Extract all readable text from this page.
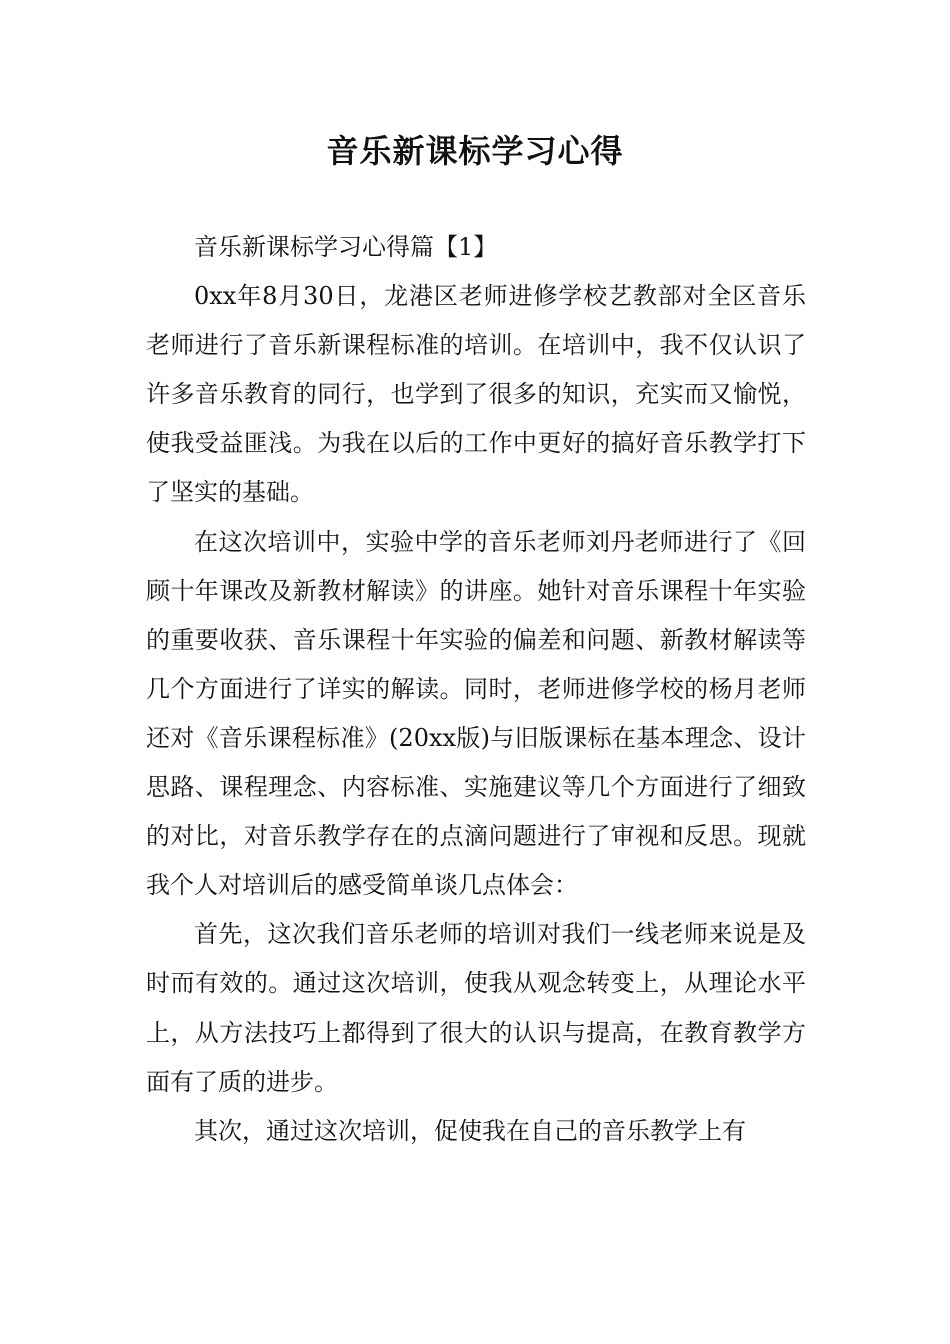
音乐新课标学习心得

音乐新课标学习心得篇【1】

0xx年8月30日，龙港区老师进修学校艺教部对全区音乐老师进行了音乐新课程标准的培训。在培训中，我不仅认识了许多音乐教育的同行，也学到了很多的知识，充实而又愉悦，使我受益匪浅。为我在以后的工作中更好的搞好音乐教学打下了坚实的基础。

在这次培训中，实验中学的音乐老师刘丹老师进行了《回顾十年课改及新教材解读》的讲座。她针对音乐课程十年实验的重要收获、音乐课程十年实验的偏差和问题、新教材解读等几个方面进行了详实的解读。同时，老师进修学校的杨月老师还对《音乐课程标准》(20xx版)与旧版课标在基本理念、设计思路、课程理念、内容标准、实施建议等几个方面进行了细致的对比，对音乐教学存在的点滴问题进行了审视和反思。现就我个人对培训后的感受简单谈几点体会：

首先，这次我们音乐老师的培训对我们一线老师来说是及时而有效的。通过这次培训，使我从观念转变上，从理论水平上，从方法技巧上都得到了很大的认识与提高，在教育教学方面有了质的进步。

其次，通过这次培训，促使我在自己的音乐教学上有
